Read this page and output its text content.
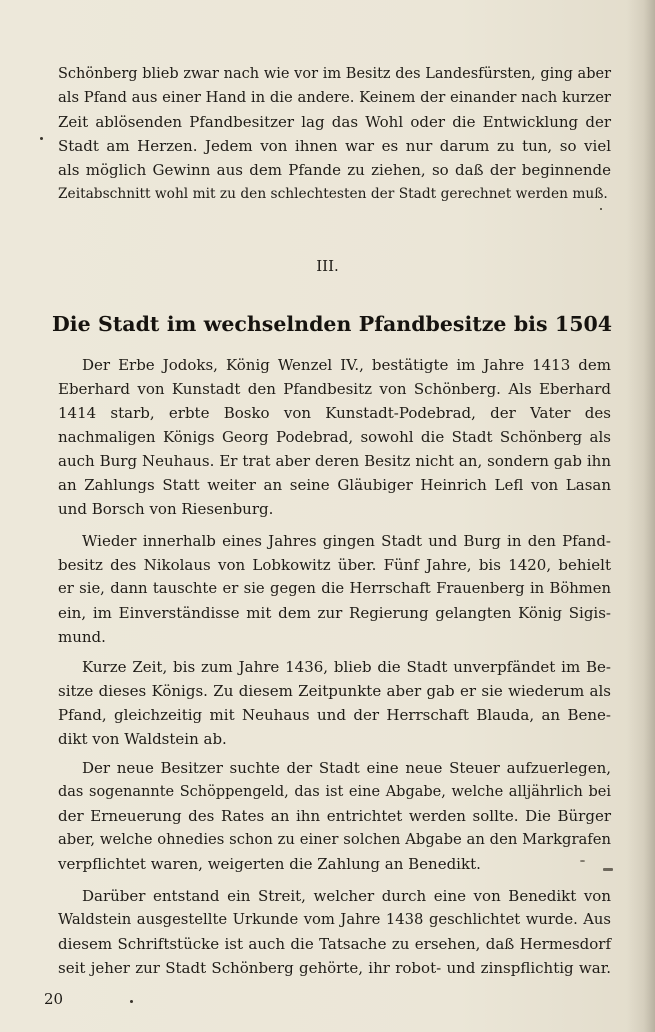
Schönberg blieb zwar nach wie vor im Besitz des Landesfürsten, ging aber
als Pfand aus einer Hand in die andere. Keinem der einander nach kurzer
Zeit ablösenden Pfandbesitzer lag das Wohl oder die Entwicklung der
Stadt am Herzen. Jedem von ihnen war es nur darum zu tun, so viel
als möglich Gewinn aus dem Pfande zu ziehen, so daß der beginnende
Zeitabschnitt wohl mit zu den schlechtesten der Stadt gerechnet werden muß.
III.
Die Stadt im wechselnden Pfandbesitze bis 1504
Der Erbe Jodoks, König Wenzel IV., bestätigte im Jahre 1413 dem
Eberhard von Kunstadt den Pfandbesitz von Schönberg. Als Eberhard
1414 starb, erbte Bosko von Kunstadt-Podebrad, der Vater des
nachmaligen Königs Georg Podebrad, sowohl die Stadt Schönberg als
auch Burg Neuhaus. Er trat aber deren Besitz nicht an, sondern gab ihn
an Zahlungs Statt weiter an seine Gläubiger Heinrich Lefl von Lasan
und Borsch von Riesenburg.
Wieder innerhalb eines Jahres gingen Stadt und Burg in den Pfand-
besitz des Nikolaus von Lobkowitz über. Fünf Jahre, bis 1420, behielt
er sie, dann tauschte er sie gegen die Herrschaft Frauenberg in Böhmen
ein, im Einverständisse mit dem zur Regierung gelangten König Sigis-
mund.
Kurze Zeit, bis zum Jahre 1436, blieb die Stadt unverpfändet im Be-
sitze dieses Königs. Zu diesem Zeitpunkte aber gab er sie wiederum als
Pfand, gleichzeitig mit Neuhaus und der Herrschaft Blauda, an Bene-
dikt von Waldstein ab.
Der neue Besitzer suchte der Stadt eine neue Steuer aufzuerlegen,
das sogenannte Schöppengeld, das ist eine Abgabe, welche alljährlich bei
der Erneuerung des Rates an ihn entrichtet werden sollte. Die Bürger
aber, welche ohnedies schon zu einer solchen Abgabe an den Markgrafen
verpflichtet waren, weigerten die Zahlung an Benedikt.
Darüber entstand ein Streit, welcher durch eine von Benedikt von
Waldstein ausgestellte Urkunde vom Jahre 1438 geschlichtet wurde. Aus
diesem Schriftstücke ist auch die Tatsache zu ersehen, daß Hermesdorf
seit jeher zur Stadt Schönberg gehörte, ihr robot- und zinspflichtig war.
20
